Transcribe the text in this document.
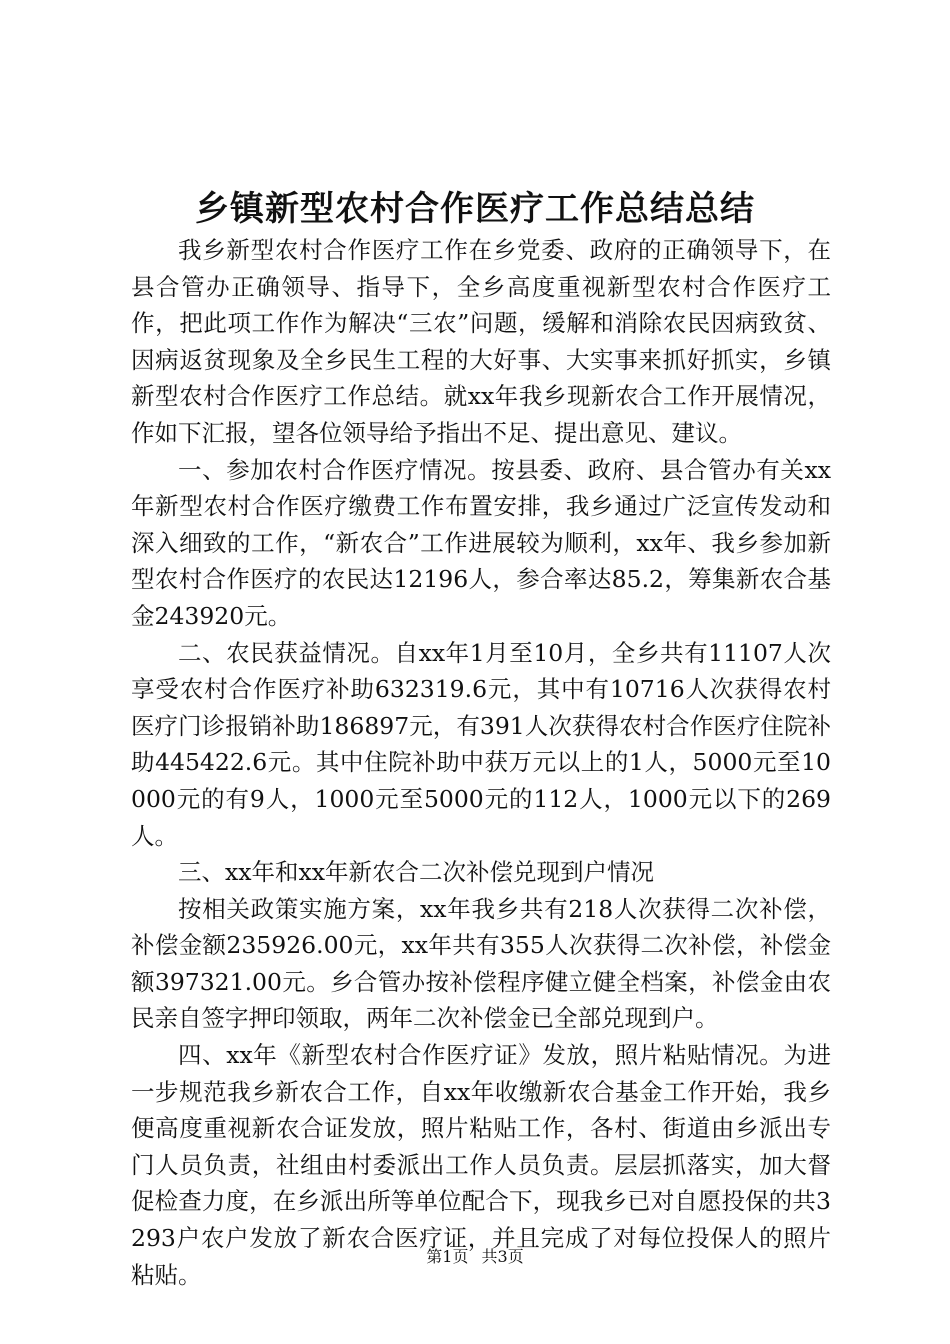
乡镇新型农村合作医疗工作总结总结

我乡新型农村合作医疗工作在乡党委、政府的正确领导下，在县合管办正确领导、指导下，全乡高度重视新型农村合作医疗工作，把此项工作作为解决“三农”问题，缓解和消除农民因病致贫、因病返贫现象及全乡民生工程的大好事、大实事来抓好抓实，乡镇新型农村合作医疗工作总结。就xx年我乡现新农合工作开展情况，作如下汇报，望各位领导给予指出不足、提出意见、建议。

一、参加农村合作医疗情况。按县委、政府、县合管办有关xx年新型农村合作医疗缴费工作布置安排，我乡通过广泛宣传发动和深入细致的工作，“新农合”工作进展较为顺利，xx年、我乡参加新型农村合作医疗的农民达12196人，参合率达85.2，筹集新农合基金243920元。

二、农民获益情况。自xx年1月至10月，全乡共有11107人次享受农村合作医疗补助632319.6元，其中有10716人次获得农村医疗门诊报销补助186897元，有391人次获得农村合作医疗住院补助445422.6元。其中住院补助中获万元以上的1人，5000元至10000元的有9人，1000元至5000元的112人，1000元以下的269人。

三、xx年和xx年新农合二次补偿兑现到户情况

按相关政策实施方案，xx年我乡共有218人次获得二次补偿，补偿金额235926.00元，xx年共有355人次获得二次补偿，补偿金额397321.00元。乡合管办按补偿程序健立健全档案，补偿金由农民亲自签字押印领取，两年二次补偿金已全部兑现到户。

四、xx年《新型农村合作医疗证》发放，照片粘贴情况。为进一步规范我乡新农合工作，自xx年收缴新农合基金工作开始，我乡便高度重视新农合证发放，照片粘贴工作，各村、街道由乡派出专门人员负责，社组由村委派出工作人员负责。层层抓落实，加大督促检查力度，在乡派出所等单位配合下，现我乡已对自愿投保的共3293户农户发放了新农合医疗证，并且完成了对每位投保人的照片粘贴。

第1页 共3页
